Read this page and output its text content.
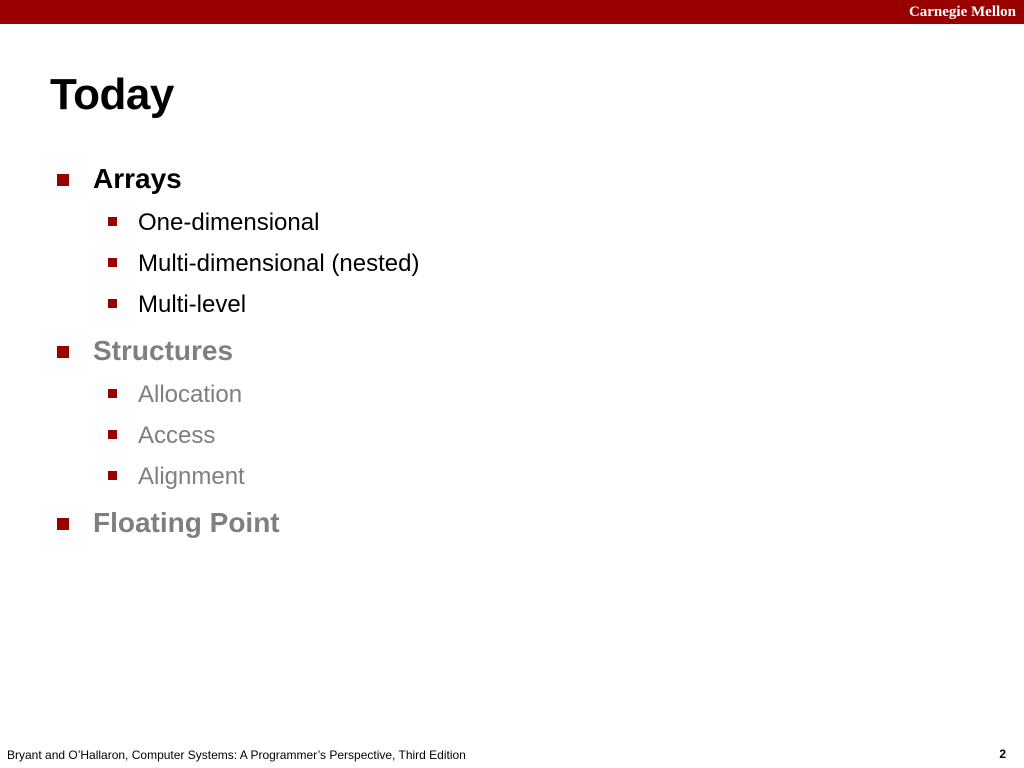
Carnegie Mellon
Today
Arrays
One-dimensional
Multi-dimensional (nested)
Multi-level
Structures
Allocation
Access
Alignment
Floating Point
Bryant and O’Hallaron, Computer Systems: A Programmer’s Perspective, Third Edition	2
